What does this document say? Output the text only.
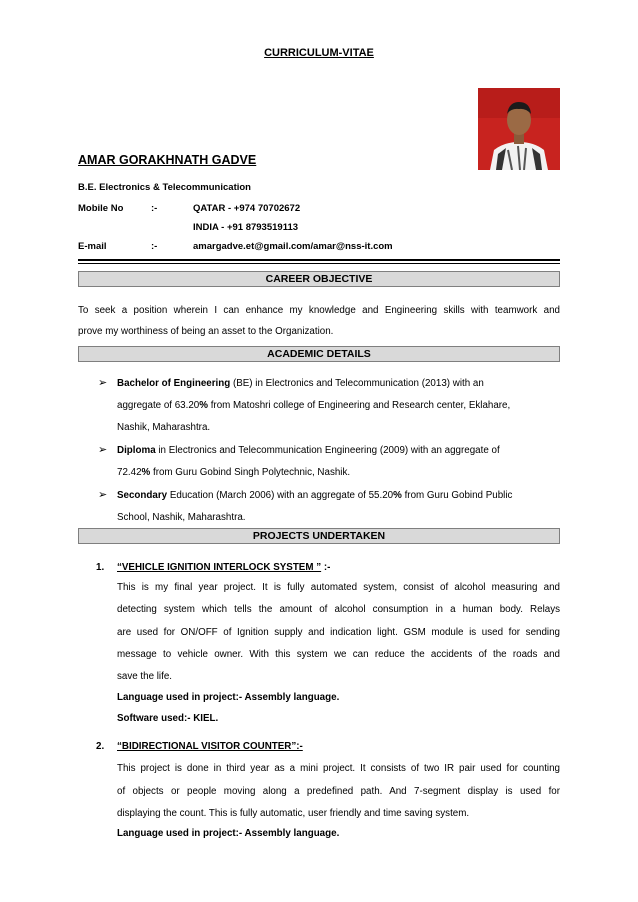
CURRICULUM-VITAE
AMAR GORAKHNATH GADVE
B.E. Electronics & Telecommunication
Mobile No	:-	QATAR - +974 70702672
INDIA - +91 8793519113
E-mail	:-	amargadve.et@gmail.com/amar@nss-it.com
CAREER OBJECTIVE
To seek a position wherein I can enhance my knowledge and Engineering skills with teamwork and
prove my worthiness of being an asset to the Organization.
ACADEMIC DETAILS
➢ Bachelor of Engineering (BE) in Electronics and Telecommunication (2013) with an
aggregate of 63.20% from Matoshri college of Engineering and Research center, Eklahare,
Nashik, Maharashtra.
➢ Diploma in Electronics and Telecommunication Engineering (2009) with an aggregate of
72.42% from Guru Gobind Singh Polytechnic, Nashik.
➢ Secondary Education (March 2006) with an aggregate of 55.20% from Guru Gobind Public
School, Nashik, Maharashtra.
PROJECTS UNDERTAKEN
1. “VEHICLE IGNITION INTERLOCK SYSTEM ” :-
This is my final year project. It is fully automated system, consist of alcohol measuring and
detecting system which tells the amount of alcohol consumption in a human body. Relays
are used for ON/OFF of Ignition supply and indication light. GSM module is used for sending
message to vehicle owner. With this system we can reduce the accidents of the roads and
save the life.
Language used in project:- Assembly language.
Software used:- KIEL.
2. “BIDIRECTIONAL VISITOR COUNTER”:-
This project is done in third year as a mini project. It consists of two IR pair used for counting
of objects or people moving along a predefined path. And 7-segment display is used for
displaying the count. This is fully automatic, user friendly and time saving system.
Language used in project:- Assembly language.
